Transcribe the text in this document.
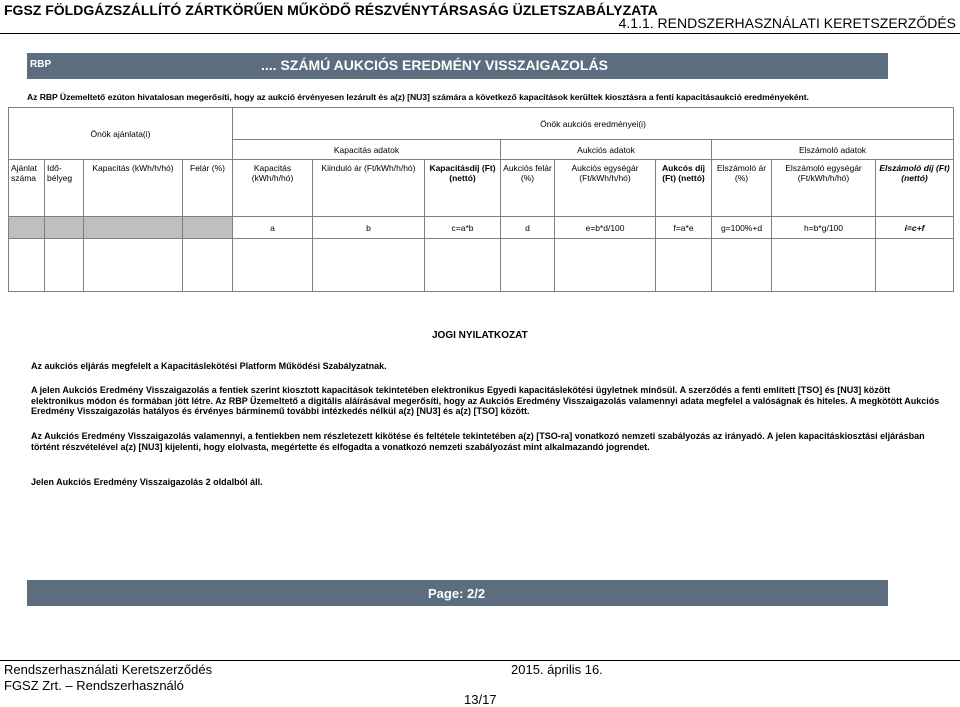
FGSZ FÖLDGÁZSZÁLLÍTÓ ZÁRTKÖRŰEN MŰKÖDŐ RÉSZVÉNYTÁRSASÁG ÜZLETSZABÁLYZATA
4.1.1. RENDSZERHASZNÁLATI KERETSZERZŐDÉS
RBP	.... SZÁMÚ AUKCIÓS EREDMÉNY VISSZAIGAZOLÁS
Az RBP Üzemeltető ezúton hivatalosan megerősíti, hogy az aukció érvényesen lezárult és a(z) [NU3] számára a következő kapacitások kerültek kiosztásra a fenti kapacitásaukció eredményeként.
Önök ajánlata(i)				Önök aukciós eredményei(i)								
				Kapacitás adatok			Aukciós adatok			Elszámoló adatok		
Ajánlat száma	Idő-bélyeg	Kapacitás (kWh/h/hó)	Felár (%)	Kapacitás (kWh/h/hó)	Kiinduló ár (Ft/kWh/h/hó)	Kapacitásdíj (Ft) (nettó)	Aukciós felár (%)	Aukciós egységár (Ft/kWh/h/hó)	Aukcós díj (Ft) (nettó)	Elszámoló ár (%)	Elszámoló egységár (Ft/kWh/h/hó)	Elszámoló díj (Ft) (nettó)
				a	b	c=a*b	d	e=b*d/100	f=a*e	g=100%+d	h=b*g/100	i=c+f

JOGI NYILATKOZAT
Az aukciós eljárás megfelelt a Kapacitáslekötési Platform Működési Szabályzatnak.
A jelen Aukciós Eredmény Visszaigazolás a fentiek szerint kiosztott kapacitások tekintetében elektronikus Egyedi kapacitáslekötési ügyletnek minősül. A szerződés a fenti említett [TSO] és [NU3] között elektronikus módon és formában jött létre. Az RBP Üzemeltető a digitális aláírásával megerősíti, hogy az Aukciós Eredmény Visszaigazolás valamennyi adata megfelel a valóságnak és hiteles. A megkötött Aukciós Eredmény Visszaigazolás hatályos és érvényes bárminemű további intézkedés nélkül a(z) [NU3] és a(z) [TSO] között.
Az Aukciós Eredmény Visszaigazolás valamennyi, a fentiekben nem részletezett kikötése és feltétele tekintetében a(z) [TSO-ra] vonatkozó nemzeti szabályozás az irányadó. A jelen kapacitáskiosztási eljárásban történt részvételével a(z) [NU3] kijelenti, hogy elolvasta, megértette és elfogadta a vonatkozó nemzeti szabályozást mint alkalmazandó jogrendet.
Jelen Aukciós Eredmény Visszaigazolás 2 oldalból áll.
Page: 2/2
Rendszerhasználati Keretszerződés
FGSZ Zrt. – Rendszerhasználó
2015. április 16.
13/17
